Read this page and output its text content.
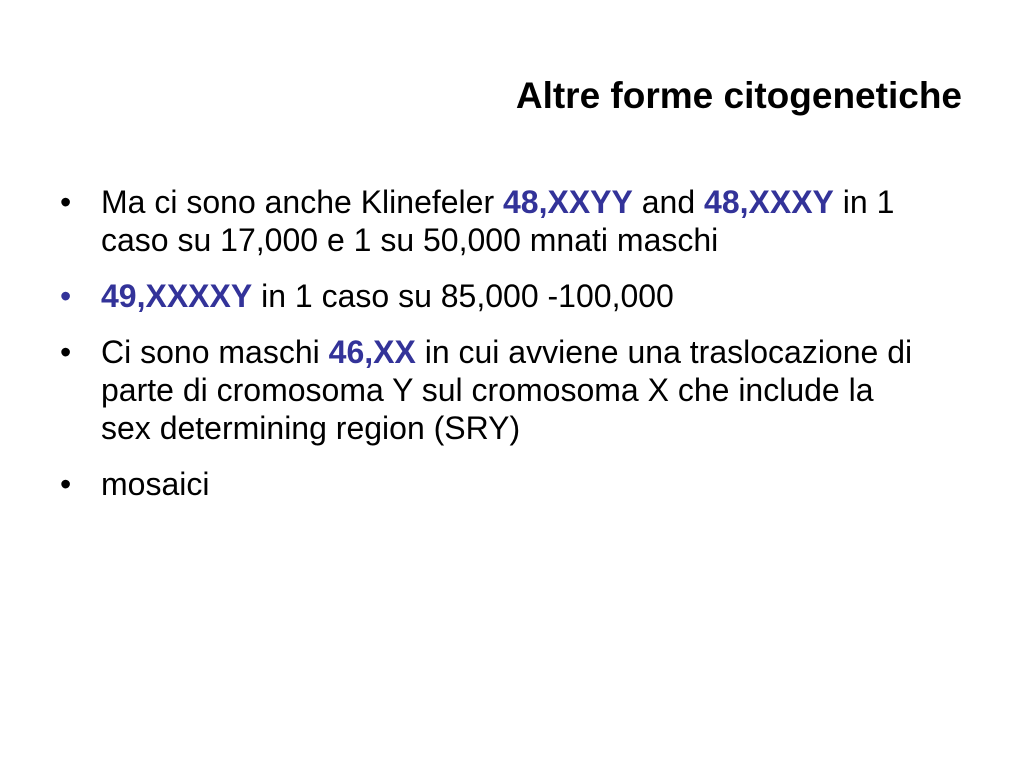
Altre forme citogenetiche
• Ma ci sono anche Klinefeler 48,XXYY and 48,XXXY in 1 caso su 17,000 e 1 su 50,000 mnati maschi
• 49,XXXXY in 1 caso su 85,000 -100,000
• Ci sono maschi 46,XX in cui avviene una traslocazione di parte di cromosoma Y sul cromosoma X che include la sex determining region (SRY)
• mosaici
